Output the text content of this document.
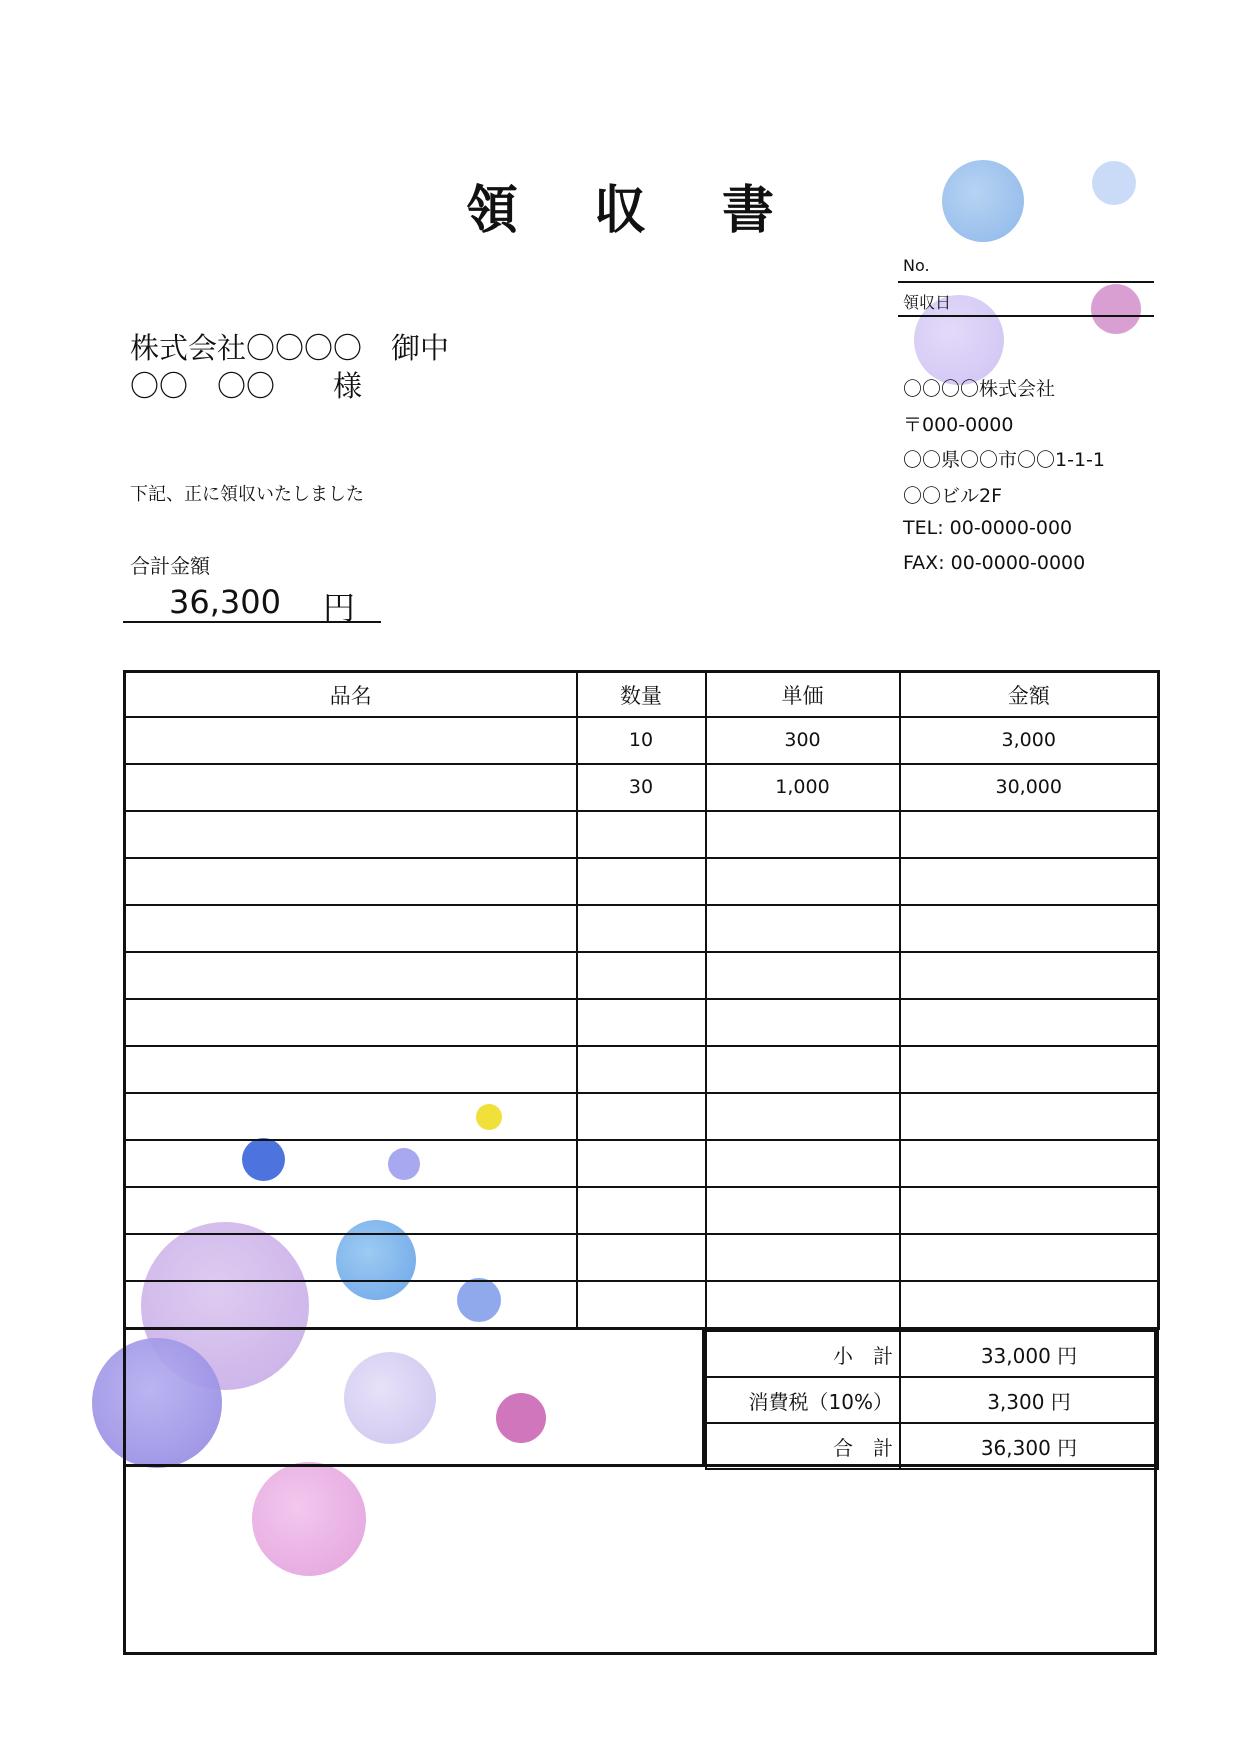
領 収 書
No.
領収日
株式会社〇〇〇〇　御中
〇〇　〇〇　　様
下記、正に領収いたしました
合計金額
36,300 円
〇〇〇〇株式会社
〒000-0000
〇〇県〇〇市〇〇1-1-1
〇〇ビル2F
TEL: 00-0000-000
FAX: 00-0000-0000
品名	数量	単価	金額
	10	300	3,000
	30	1,000	30,000

小　計	33,000 円
消費税（10%）	3,300 円
合　計	36,300 円
